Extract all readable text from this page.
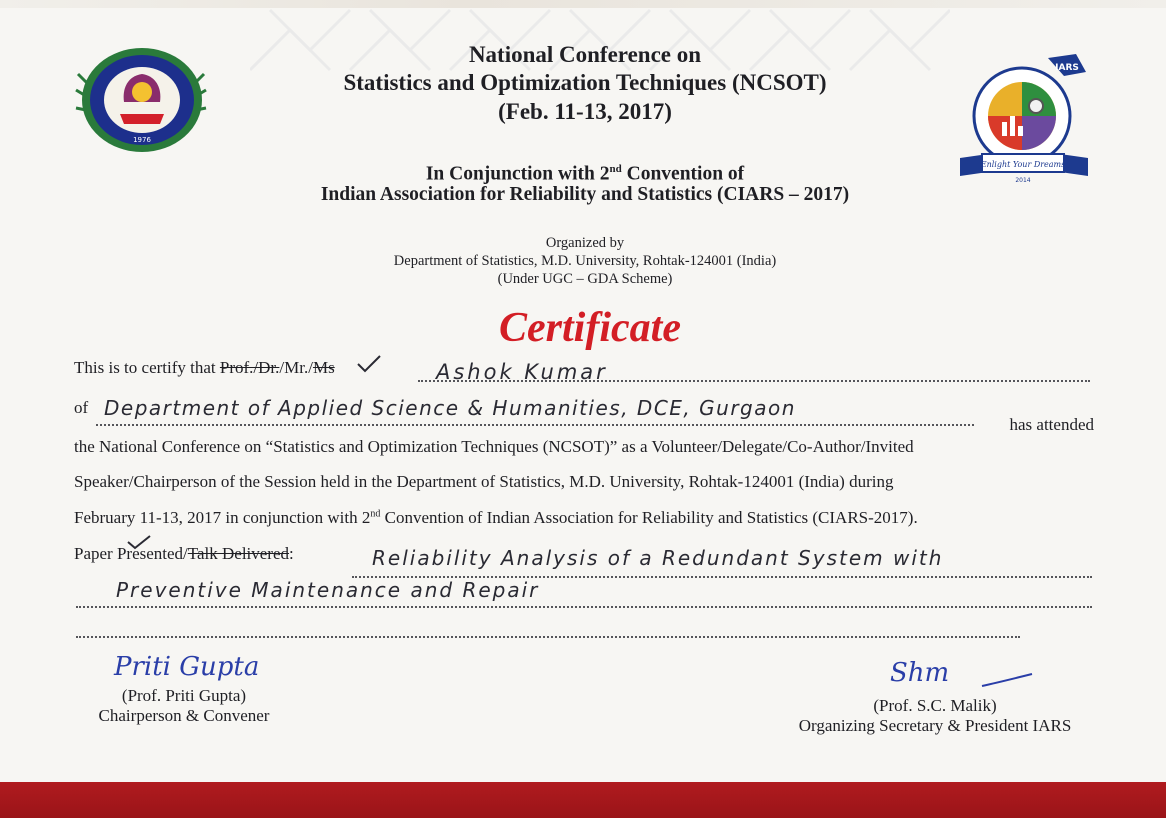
1976
IARS
Enlight Your Dreams
2014
National Conference on
Statistics and Optimization Techniques (NCSOT)
(Feb. 11-13, 2017)
In Conjunction with 2nd Convention of
Indian Association for Reliability and Statistics (CIARS – 2017)
Organized by
Department of Statistics, M.D. University, Rohtak-124001 (India)
(Under UGC – GDA Scheme)
Certificate
This is to certify that Prof./Dr./Mr./Ms	Ashok Kumar
of Department of Applied Science & Humanities, DCE, Gurgaon
has attended
the National Conference on “Statistics and Optimization Techniques (NCSOT)” as a Volunteer/Delegate/Co-Author/Invited
Speaker/Chairperson of the Session held in the Department of Statistics, M.D. University, Rohtak-124001 (India) during
February 11-13, 2017 in conjunction with 2nd Convention of Indian Association for Reliability and Statistics (CIARS-2017).
Paper Presented/Talk Delivered:	Reliability Analysis of a Redundant System with
Preventive Maintenance and Repair
Priti Gupta
(Prof. Priti Gupta)
Chairperson & Convener
Shm
(Prof. S.C. Malik)
Organizing Secretary & President IARS
